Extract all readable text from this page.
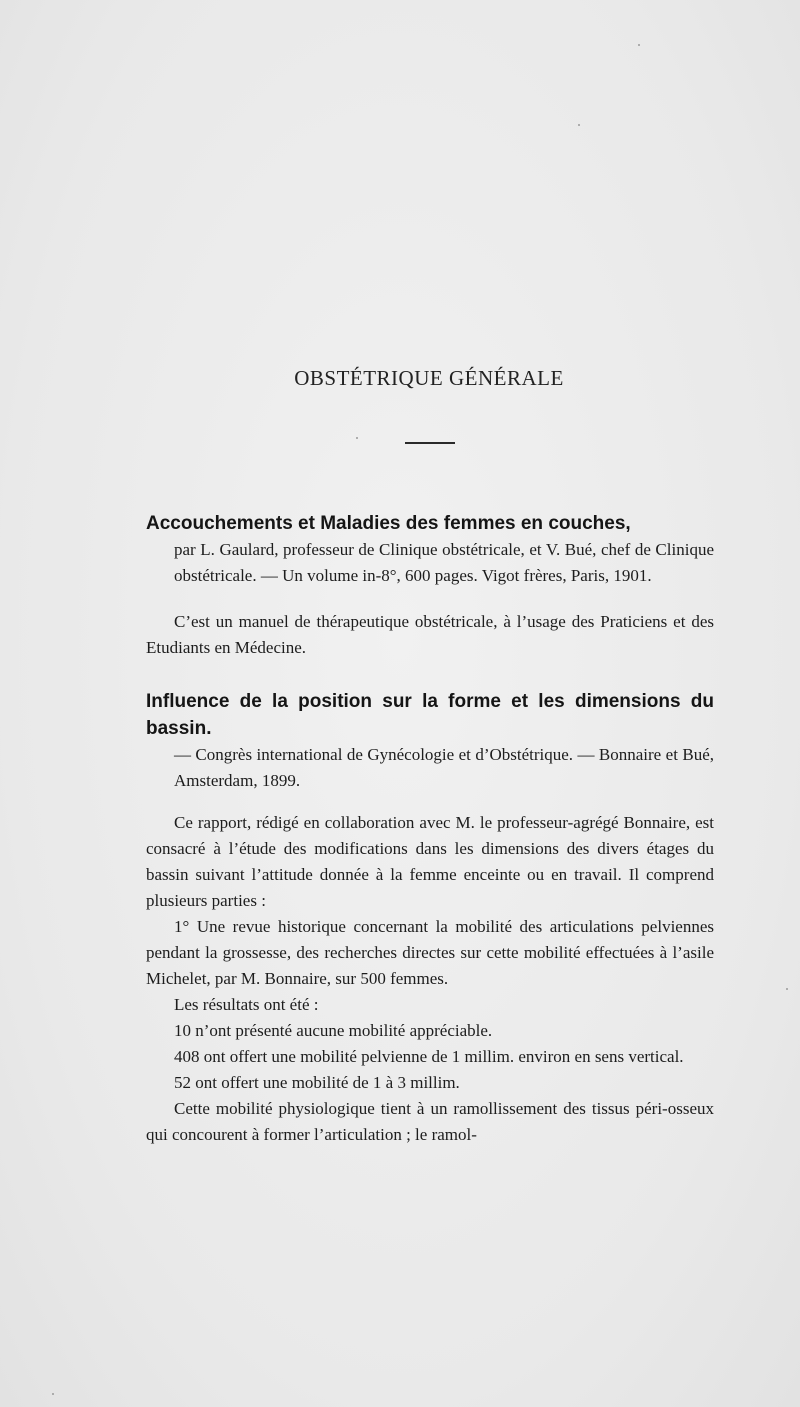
OBSTÉTRIQUE GÉNÉRALE

Accouchements et Maladies des femmes en couches,

par L. Gaulard, professeur de Clinique obstétricale, et V. Bué, chef de Clinique obstétricale. — Un volume in-8°, 600 pages. Vigot frères, Paris, 1901.

C’est un manuel de thérapeutique obstétricale, à l’usage des Praticiens et des Etudiants en Médecine.

Influence de la position sur la forme et les dimensions du bassin.

— Congrès international de Gynécologie et d’Obstétrique. — Bonnaire et Bué, Amsterdam, 1899.

Ce rapport, rédigé en collaboration avec M. le professeur-agrégé Bonnaire, est consacré à l’étude des modifications dans les dimensions des divers étages du bassin suivant l’attitude donnée à la femme enceinte ou en travail. Il comprend plusieurs parties :

1° Une revue historique concernant la mobilité des articulations pelviennes pendant la grossesse, des recherches directes sur cette mobilité effectuées à l’asile Michelet, par M. Bonnaire, sur 500 femmes.

Les résultats ont été :

10 n’ont présenté aucune mobilité appréciable.

408 ont offert une mobilité pelvienne de 1 millim. environ en sens vertical.

52 ont offert une mobilité de 1 à 3 millim.

Cette mobilité physiologique tient à un ramollissement des tissus péri-osseux qui concourent à former l’articulation ; le ramol-
